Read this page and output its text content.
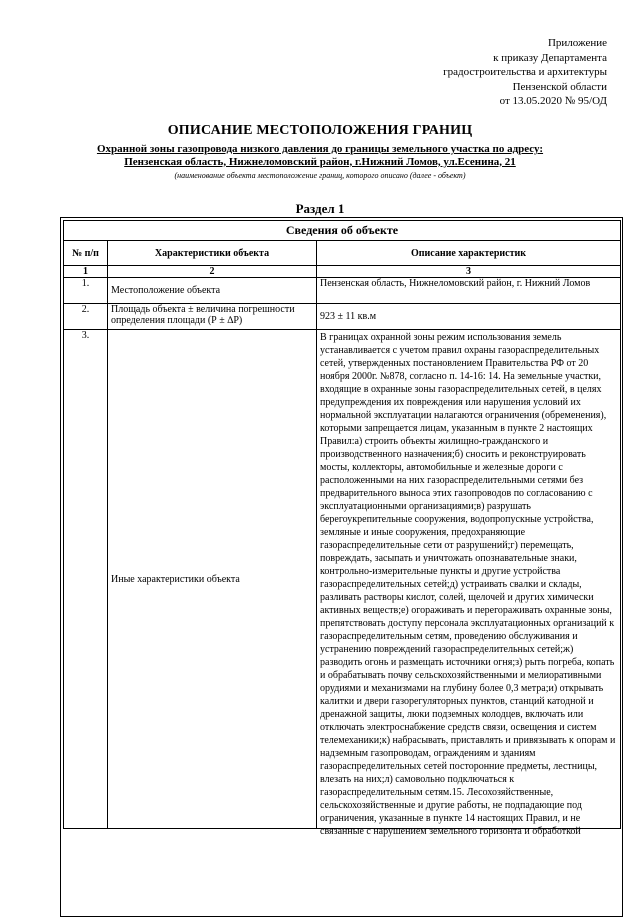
Приложение
к приказу Департамента
градостроительства и архитектуры
Пензенской области
от 13.05.2020 № 95/ОД
ОПИСАНИЕ МЕСТОПОЛОЖЕНИЯ ГРАНИЦ
Охранной зоны газопровода низкого давления до границы земельного участка по адресу:
Пензенская область, Нижнеломовский район, г.Нижний Ломов, ул.Есенина, 21
(наименование объекта местоположение границ, которого описано (далее - объект)
Раздел 1
Сведения об объекте		
№ п/п	Характеристики объекта	Описание характеристик
1	2	3
1.	Местоположение объекта	Пензенская область, Нижнеломовский район, г. Нижний Ломов
2.	Площадь объекта ± величина погрешности определения площади (Р ± ∆Р)	923 ± 11 кв.м
3.	Иные характеристики объекта	В границах охранной зоны режим использования земель устанавливается с учетом правил охраны газораспределительных сетей, утвержденных постановлением Правительства РФ от 20 ноября 2000г. №878, согласно п. 14-16: 14. На земельные участки, входящие в охранные зоны газораспределительных сетей, в целях предупреждения их повреждения или нарушения условий их нормальной эксплуатации налагаются ограничения (обременения), которыми запрещается лицам, указанным в пункте 2 настоящих Правил:а) строить объекты жилищно-гражданского и производственного назначения;б) сносить и реконструировать мосты, коллекторы, автомобильные и железные дороги с расположенными на них газораспределительными сетями без предварительного выноса этих газопроводов по согласованию с эксплуатационными организациями;в) разрушать берегоукрепительные сооружения, водопропускные устройства, земляные и иные сооружения, предохраняющие газораспределительные сети от разрушений;г) перемещать, повреждать, засыпать и уничтожать опознавательные знаки, контрольно-измерительные пункты и другие устройства газораспределительных сетей;д) устраивать свалки и склады, разливать растворы кислот, солей, щелочей и других химически активных веществ;е) огораживать и перегораживать охранные зоны, препятствовать доступу персонала эксплуатационных организаций к газораспределительным сетям, проведению обслуживания и устранению повреждений газораспределительных сетей;ж) разводить огонь и размещать источники огня;з) рыть погреба, копать и обрабатывать почву сельскохозяйственными и мелиоративными орудиями и механизмами на глубину более 0,3 метра;и) открывать калитки и двери газорегуляторных пунктов, станций катодной и дренажной защиты, люки подземных колодцев, включать или отключать электроснабжение средств связи, освещения и систем телемеханики;к) набрасывать, приставлять и привязывать к опорам и надземным газопроводам, ограждениям и зданиям газораспределительных сетей посторонние предметы, лестницы, влезать на них;л) самовольно подключаться к газораспределительным сетям.15. Лесохозяйственные, сельскохозяйственные и другие работы, не подпадающие под ограничения, указанные в пункте 14 настоящих Правил, и не связанные с нарушением земельного горизонта и обработкой
